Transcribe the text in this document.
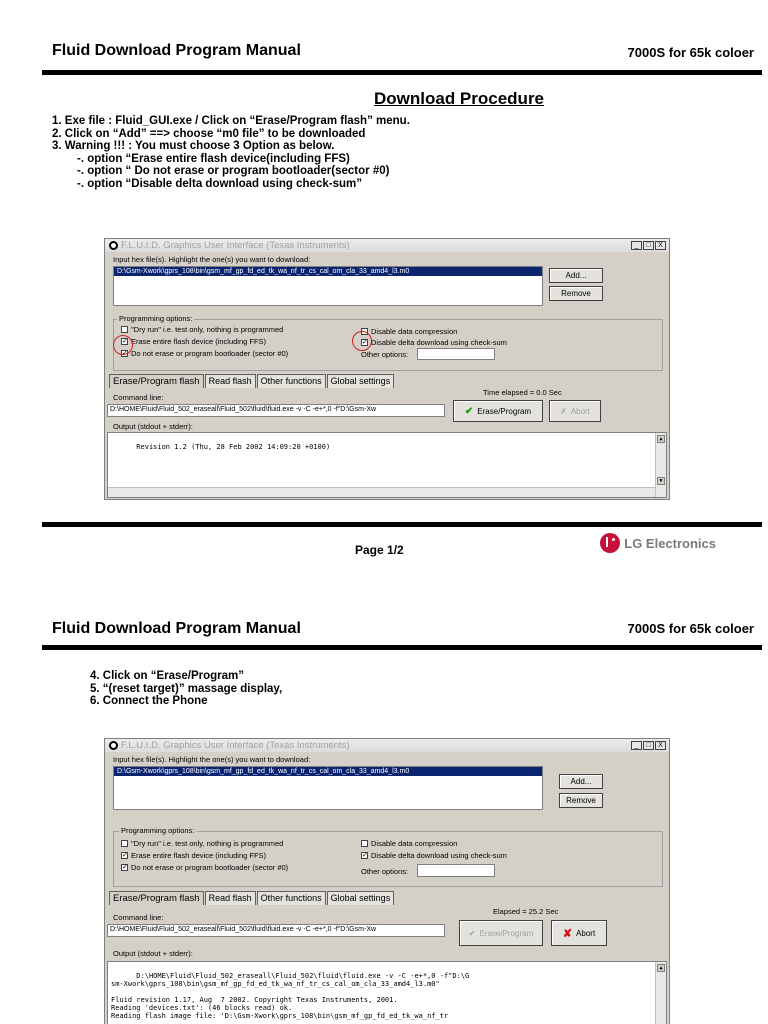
Fluid Download Program Manual	7000S for 65k coloer
Download Procedure
1. Exe file : Fluid_GUI.exe / Click on “Erase/Program flash” menu.
2. Click on “Add” ==> choose “m0 file” to be downloaded
3. Warning !!! : You must choose 3 Option as below.
-. option “Erase entire flash device(including FFS)
-. option “ Do not erase or program bootloader(sector #0)
-. option “Disable delta download using check-sum”
F.L.U.I.D. Graphics User Interface (Texas Instruments)	_	□	X
Input hex file(s). Highlight the one(s) you want to download:
D:\Gsm-Xwork\gprs_108\bin\gsm_mf_gp_fd_ed_tk_wa_nf_tr_cs_cal_om_cla_33_amd4_l3.m0	Add...
Remove
Programming options:
"Dry run" i.e. test only, nothing is programmed
✓ Erase entire flash device (including FFS)
✓ Do not erase or program bootloader (sector #0)
Disable data compression
✓ Disable delta download using check-sum
Other options:
Erase/Program flash	Read flash	Other functions	Global settings
Command line:
Time elapsed = 0.0 Sec
D:\HOME\Fluid\Fluid_502_eraseall\Fluid_502\fluid\fluid.exe -v -C -e+*,0 -f"D:\Gsm-Xw	✔ Erase/Program	✗ Abort
Output (stdout + stderr):

Revision 1.2 (Thu, 28 Feb 2002 14:09:20 +0100)

▲

▼

Page 1/2	LG Electronics
Fluid Download Program Manual	7000S for 65k coloer
4. Click on “Erase/Program”
5. “(reset target)” massage display,
6. Connect the Phone
F.L.U.I.D. Graphics User Interface (Texas Instruments)	_	□	X
Input hex file(s). Highlight the one(s) you want to download:
D:\Gsm-Xwork\gprs_108\bin\gsm_mf_gp_fd_ed_tk_wa_nf_tr_cs_cal_om_cla_33_amd4_l3.m0
Add...
Remove
Programming options:
"Dry run" i.e. test only, nothing is programmed
✓ Erase entire flash device (including FFS)
✓ Do not erase or program bootloader (sector #0)
Disable data compression
✓ Disable delta download using check-sum
Other options:
Erase/Program flash	Read flash	Other functions	Global settings
Command line:
Elapsed = 25.2 Sec
D:\HOME\Fluid\Fluid_502_eraseall\Fluid_502\fluid\fluid.exe -v -C -e+*,0 -f"D:\Gsm-Xw	✔ Erase/Program	✘ Abort
Output (stdout + stderr):

D:\HOME\Fluid\Fluid_502_eraseall\Fluid_502\fluid\fluid.exe -v -C -e+*,0 -f"D:\G
sm-Xwork\gprs_108\bin\gsm_mf_gp_fd_ed_tk_wa_nf_tr_cs_cal_om_cla_33_amd4_l3.m0"

Fluid revision 1.17, Aug  7 2002. Copyright Texas Instruments, 2001.
Reading 'devices.txt': (46 blocks read) ok.
Reading flash image file: 'D:\Gsm-Xwork\gprs_108\bin\gsm_mf_gp_fd_ed_tk_wa_nf_tr

▲
